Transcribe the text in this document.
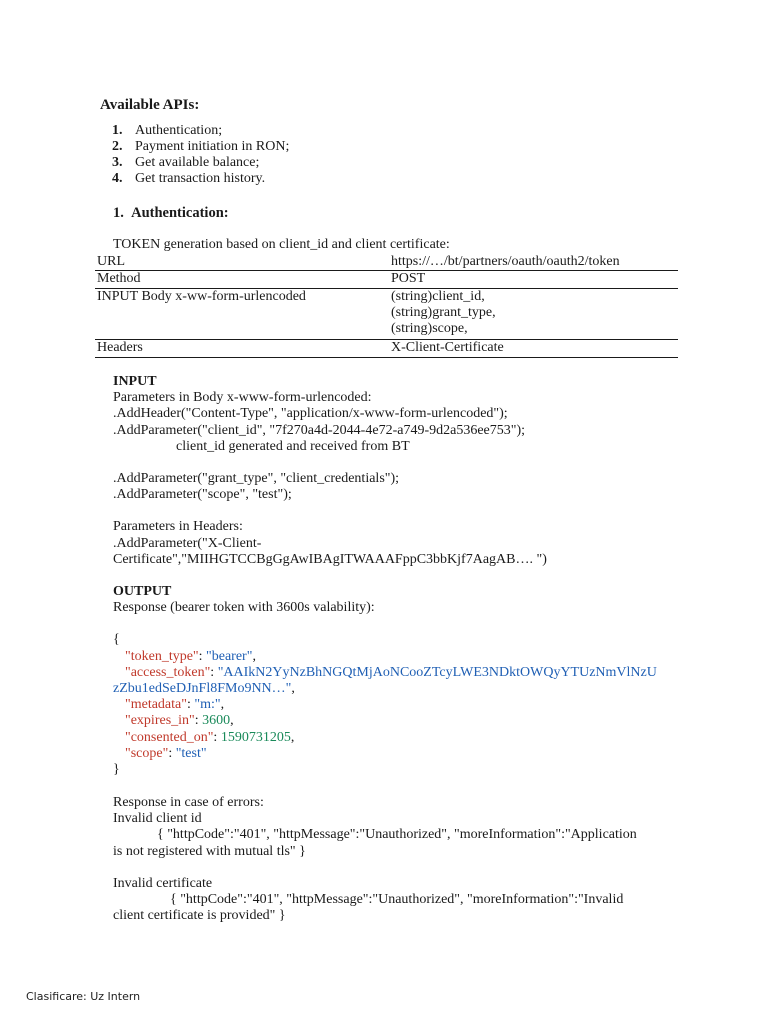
Available APIs:
1. Authentication;
2. Payment initiation in RON;
3. Get available balance;
4. Get transaction history.
1. Authentication:
TOKEN generation based on client_id and client certificate:
URL	https://…/bt/partners/oauth/oauth2/token

Method	POST

INPUT Body x-ww-form-urlencoded	(string)client_id,
(string)grant_type,
(string)scope,

Headers	X-Client-Certificate
INPUT
Parameters in Body x-www-form-urlencoded:
.AddHeader("Content-Type", "application/x-www-form-urlencoded");
.AddParameter("client_id", "7f270a4d-2044-4e72-a749-9d2a536ee753");
client_id generated and received from BT
.AddParameter("grant_type", "client_credentials");
.AddParameter("scope", "test");
Parameters in Headers:
.AddParameter("X-Client-
Certificate","MIIHGTCCBgGgAwIBAgITWAAAFppC3bbKjf7AagAB…. ")
OUTPUT
Response (bearer token with 3600s valability):
{
"token_type": "bearer",
"access_token": "AAIkN2YyNzBhNGQtMjAoNCooZTcyLWE3NDktOWQyYTUzNmVlNzU
zZbu1edSeDJnFl8FMo9NN…",
"metadata": "m:",
"expires_in": 3600,
"consented_on": 1590731205,
"scope": "test"
}
Response in case of errors:
Invalid client id
{ "httpCode":"401", "httpMessage":"Unauthorized", "moreInformation":"Application
is not registered with mutual tls" }
Invalid certificate
{ "httpCode":"401", "httpMessage":"Unauthorized", "moreInformation":"Invalid
client certificate is provided" }
Clasificare: Uz Intern
